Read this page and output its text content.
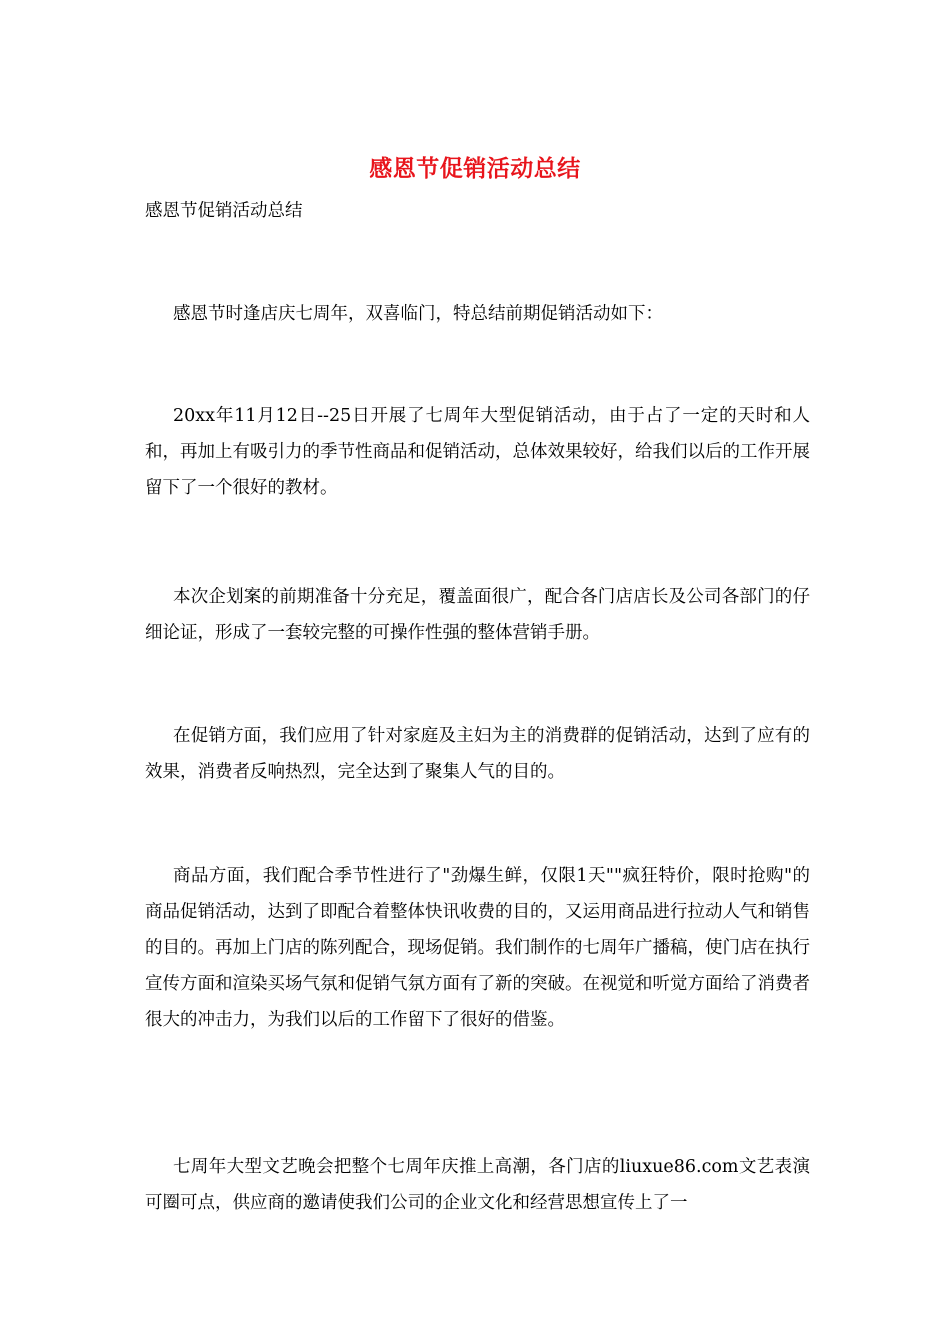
感恩节促销活动总结
感恩节促销活动总结

感恩节时逢店庆七周年，双喜临门，特总结前期促销活动如下：

20xx年11月12日--25日开展了七周年大型促销活动，由于占了一定的天时和人和，再加上有吸引力的季节性商品和促销活动，总体效果较好，给我们以后的工作开展留下了一个很好的教材。

本次企划案的前期准备十分充足，覆盖面很广，配合各门店店长及公司各部门的仔细论证，形成了一套较完整的可操作性强的整体营销手册。

在促销方面，我们应用了针对家庭及主妇为主的消费群的促销活动，达到了应有的效果，消费者反响热烈，完全达到了聚集人气的目的。

商品方面，我们配合季节性进行了"劲爆生鲜，仅限1天""疯狂特价，限时抢购"的商品促销活动，达到了即配合着整体快讯收费的目的，又运用商品进行拉动人气和销售的目的。再加上门店的陈列配合，现场促销。我们制作的七周年广播稿，使门店在执行宣传方面和渲染买场气氛和促销气氛方面有了新的突破。在视觉和听觉方面给了消费者很大的冲击力，为我们以后的工作留下了很好的借鉴。

七周年大型文艺晚会把整个七周年庆推上高潮，各门店的liuxue86.com文艺表演可圈可点，供应商的邀请使我们公司的企业文化和经营思想宣传上了一
